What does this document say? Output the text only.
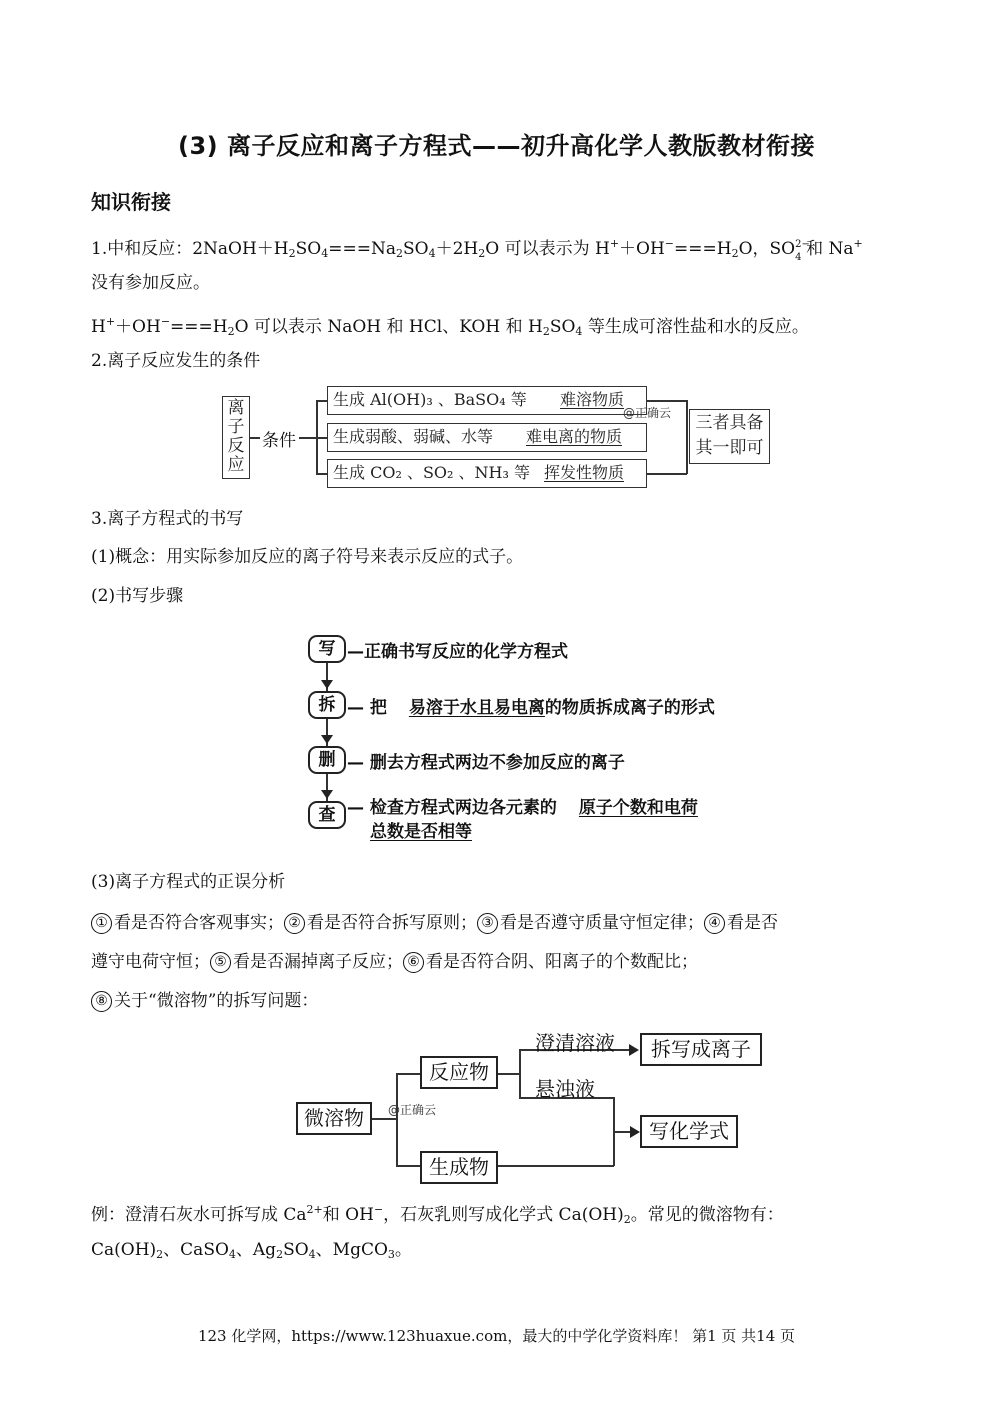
(3) 离子反应和离子方程式——初升高化学人教版教材衔接
知识衔接
1.中和反应：$2NaOH+H_2SO_4===Na_2SO_4+2H_2O$ 可以表示为 $H^++OH^-===H_2O$，SO 2−
4 和 Na+
没有参加反应。
$H^++OH^-===H_2O$ 可以表示 NaOH 和 HCl、KOH 和 $H_2SO_4$ 等生成可溶性盐和水的反应。
2.离子反应发生的条件
离子反应
条件
生成 Al(OH)₃ 、BaSO₄ 等 难溶物质
生成弱酸、弱碱、水等 难电离的物质
生成 CO₂ 、SO₂ 、NH₃ 等 挥发性物质
@正确云	三者具备
其一即可
3.离子方程式的书写
(1)概念：用实际参加反应的离子符号来表示反应的式子。
(2)书写步骤
写 —正确书写反应的化学方程式
拆 — 把 易溶于水且易电离的物质拆成离子的形式
删 — 删去方程式两边不参加反应的离子
查 — 检查方程式两边各元素的 原子个数和电荷
总数是否相等
(3)离子方程式的正误分析
① 看是否符合客观事实； ② 看是否符合拆写原则； ③ 看是否遵守质量守恒定律； ④ 看是否
遵守电荷守恒； ⑤ 看是否漏掉离子反应； ⑥ 看是否符合阴、阳离子的个数配比；
⑧ 关于“微溶物”的拆写问题：
微溶物	@正确云
反应物
生成物
澄清溶液
悬浊液
拆写成离子
写化学式
例：澄清石灰水可拆写成 $Ca^{2+}$和 OH−，石灰乳则写成化学式 $Ca(OH)_2$。常见的微溶物有：
$Ca(OH)_2$、CaSO$_4$、$Ag_2SO_4$、MgCO$_3$。
123 化学网，https://www.123huaxue.com，最大的中学化学资料库！ 第1 页 共14 页
